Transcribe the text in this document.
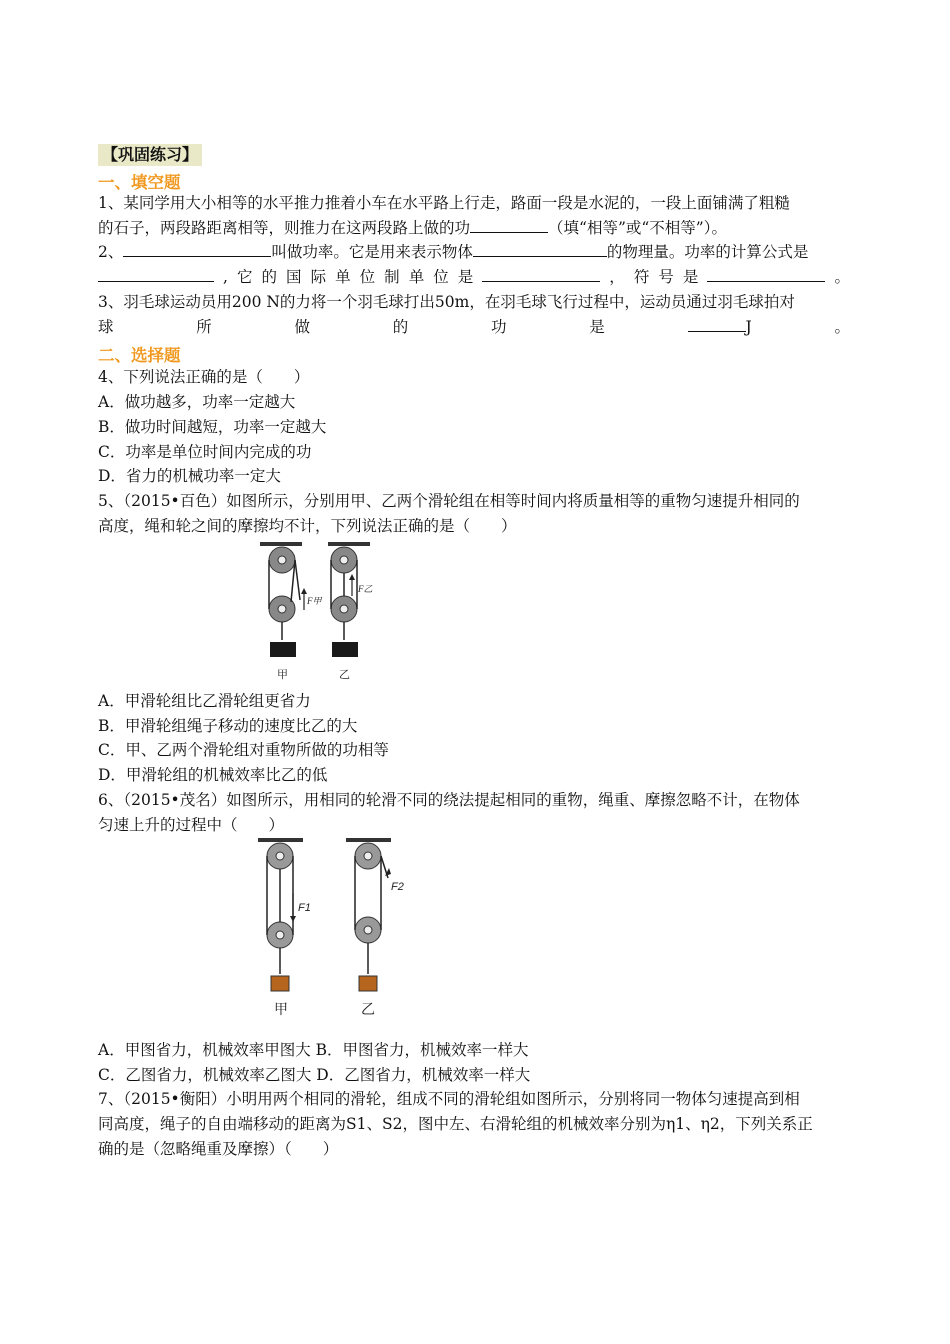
【巩固练习】
一、填空题
1、某同学用大小相等的水平推力推着小车在水平路上行走，路面一段是水泥的，一段上面铺满了粗糙
的石子，两段路距离相等，则推力在这两段路上做的功	（填“相等”或“不相等”）。
2、	叫做功率。它是用来表示物体	的物理量。功率的计算公式是
, 它 的 国 际 单 位 制 单 位 是	， 符 号 是	。
3、羽毛球运动员用200 N的力将一个羽毛球打出50m，在羽毛球飞行过程中，运动员通过羽毛球拍对
球	所	做	的	功	是	J	。
二、选择题
4、下列说法正确的是（　　）
A．做功越多，功率一定越大
B．做功时间越短，功率一定越大
C．功率是单位时间内完成的功
D．省力的机械功率一定大
5、（2015•百色）如图所示，分别用甲、乙两个滑轮组在相等时间内将质量相等的重物匀速提升相同的
高度，绳和轮之间的摩擦均不计，下列说法正确的是（　　）
F甲
甲
F乙
乙
A．甲滑轮组比乙滑轮组更省力
B．甲滑轮组绳子移动的速度比乙的大
C．甲、乙两个滑轮组对重物所做的功相等
D．甲滑轮组的机械效率比乙的低
6、（2015•茂名）如图所示，用相同的轮滑不同的绕法提起相同的重物，绳重、摩擦忽略不计，在物体
匀速上升的过程中（　　）
F1
甲
F2
乙
A．甲图省力，机械效率甲图大 B．甲图省力，机械效率一样大
C．乙图省力，机械效率乙图大 D．乙图省力，机械效率一样大
7、（2015•衡阳）小明用两个相同的滑轮，组成不同的滑轮组如图所示，分别将同一物体匀速提高到相
同高度，绳子的自由端移动的距离为S1、S2，图中左、右滑轮组的机械效率分别为η1、η2，下列关系正
确的是（忽略绳重及摩擦）（　　）
